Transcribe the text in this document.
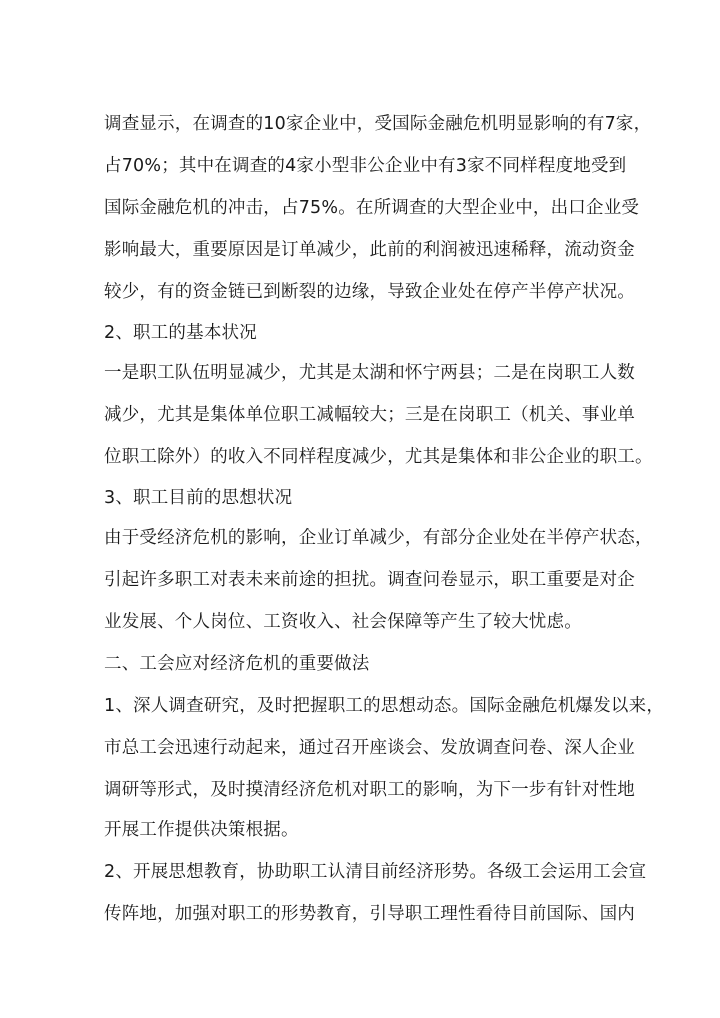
调查显示，在调查的10家企业中，受国际金融危机明显影响的有7家，
占70%；其中在调查的4家小型非公企业中有3家不同样程度地受到
国际金融危机的冲击，占75%。在所调查的大型企业中，出口企业受
影响最大，重要原因是订单减少，此前的利润被迅速稀释，流动资金
较少，有的资金链已到断裂的边缘，导致企业处在停产半停产状况。
2、职工的基本状况
一是职工队伍明显减少，尤其是太湖和怀宁两县；二是在岗职工人数
减少，尤其是集体单位职工减幅较大；三是在岗职工（机关、事业单
位职工除外）的收入不同样程度减少，尤其是集体和非公企业的职工。
3、职工目前的思想状况
由于受经济危机的影响，企业订单减少，有部分企业处在半停产状态，
引起许多职工对表未来前途的担扰。调查问卷显示，职工重要是对企
业发展、个人岗位、工资收入、社会保障等产生了较大忧虑。
二、工会应对经济危机的重要做法
1、深人调查研究，及时把握职工的思想动态。国际金融危机爆发以来，
市总工会迅速行动起来，通过召开座谈会、发放调查问卷、深人企业
调研等形式，及时摸清经济危机对职工的影响，为下一步有针对性地
开展工作提供决策根据。
2、开展思想教育，协助职工认清目前经济形势。各级工会运用工会宣
传阵地，加强对职工的形势教育，引导职工理性看待目前国际、国内
